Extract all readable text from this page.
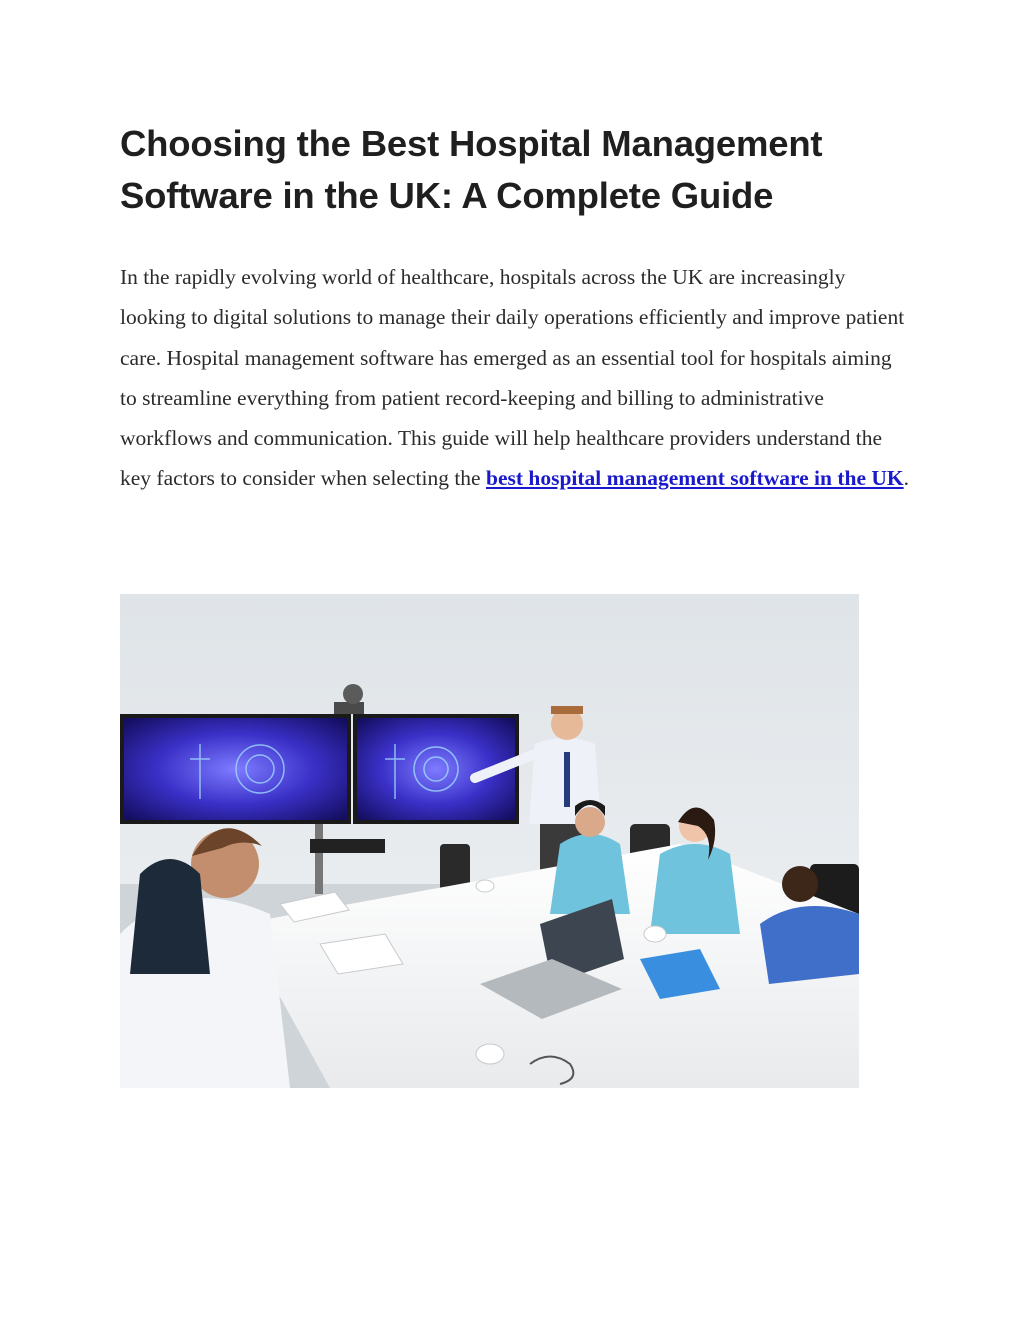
Choosing the Best Hospital Management Software in the UK: A Complete Guide

In the rapidly evolving world of healthcare, hospitals across the UK are increasingly looking to digital solutions to manage their daily operations efficiently and improve patient care. Hospital management software has emerged as an essential tool for hospitals aiming to streamline everything from patient record-keeping and billing to administrative workflows and communication. This guide will help healthcare providers understand the key factors to consider when selecting the best hospital management software in the UK.
